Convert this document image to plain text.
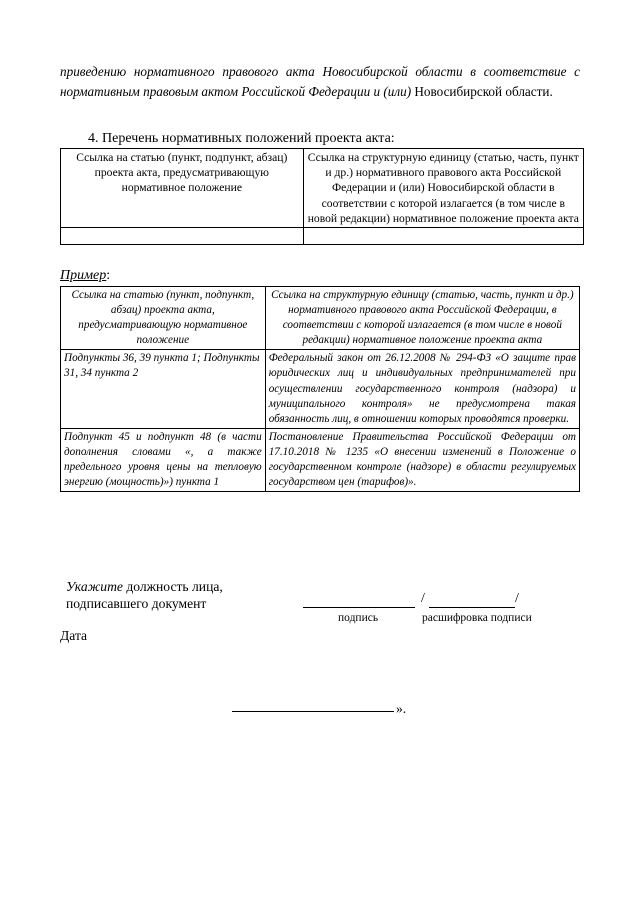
приведению нормативного правового акта Новосибирской области в соответствие с нормативным правовым актом Российской Федерации и (или) Новосибирской области.
4. Перечень нормативных положений проекта акта:
Ссылка на статью (пункт, подпункт, абзац) проекта акта, предусматривающую нормативное положение	Ссылка на структурную единицу (статью, часть, пункт и др.) нормативного правового акта Российской Федерации и (или) Новосибирской области в соответствии с которой излагается (в том числе в новой редакции) нормативное положение проекта акта

Пример:
Ссылка на статью (пункт, подпункт, абзац) проекта акта, предусматривающую нормативное положение	Ссылка на структурную единицу (статью, часть, пункт и др.) нормативного правового акта Российской Федерации, в соответствии с которой излагается (в том числе в новой редакции) нормативное положение проекта акта
Подпункты 36, 39 пункта 1; Подпункты 31, 34 пункта 2	Федеральный закон от 26.12.2008 № 294-ФЗ «О защите прав юридических лиц и индивидуальных предпринимателей при осуществлении государственного контроля (надзора) и муниципального контроля» не предусмотрена такая обязанность лиц, в отношении которых проводятся проверки.
Подпункт 45 и подпункт 48 (в части дополнения словами «, а также предельного уровня цены на тепловую энергию (мощность)») пункта 1	Постановление Правительства Российской Федерации от 17.10.2018 № 1235 «О внесении изменений в Положение о государственном контроле (надзоре) в области регулируемых государством цен (тарифов)».
Укажите должность лица,
подписавшего документ	/	/
подпись	расшифровка подписи
Дата
».
